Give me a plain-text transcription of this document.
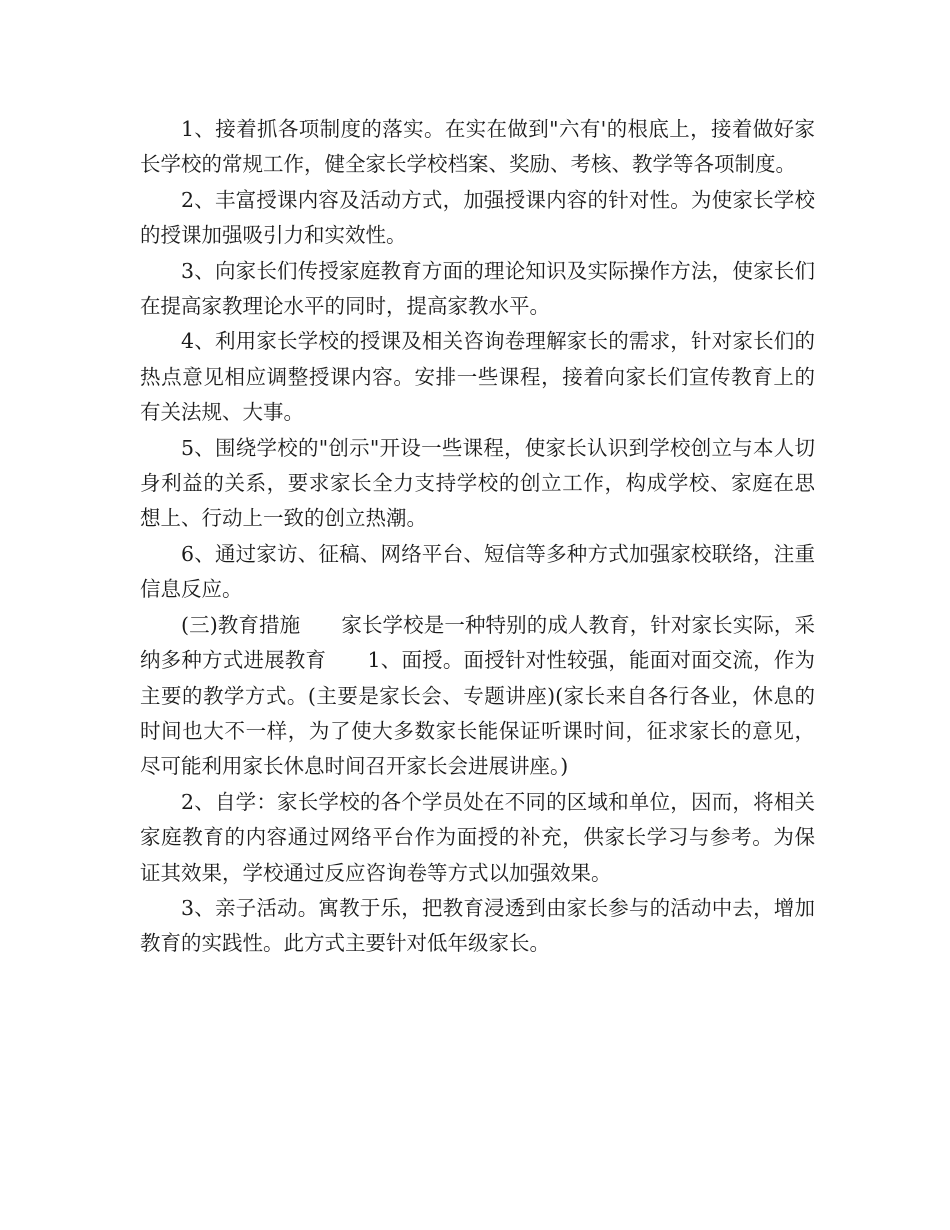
1、接着抓各项制度的落实。在实在做到"六有'的根底上，接着做好家长学校的常规工作，健全家长学校档案、奖励、考核、教学等各项制度。

2、丰富授课内容及活动方式，加强授课内容的针对性。为使家长学校的授课加强吸引力和实效性。

3、向家长们传授家庭教育方面的理论知识及实际操作方法，使家长们在提高家教理论水平的同时，提高家教水平。

4、利用家长学校的授课及相关咨询卷理解家长的需求，针对家长们的热点意见相应调整授课内容。安排一些课程，接着向家长们宣传教育上的有关法规、大事。

5、围绕学校的"创示"开设一些课程，使家长认识到学校创立与本人切身利益的关系，要求家长全力支持学校的创立工作，构成学校、家庭在思想上、行动上一致的创立热潮。

6、通过家访、征稿、网络平台、短信等多种方式加强家校联络，注重信息反应。

(三)教育措施　　家长学校是一种特别的成人教育，针对家长实际，采纳多种方式进展教育　　1、面授。面授针对性较强，能面对面交流，作为主要的教学方式。(主要是家长会、专题讲座)(家长来自各行各业，休息的时间也大不一样，为了使大多数家长能保证听课时间，征求家长的意见，尽可能利用家长休息时间召开家长会进展讲座。)

2、自学：家长学校的各个学员处在不同的区域和单位，因而，将相关家庭教育的内容通过网络平台作为面授的补充，供家长学习与参考。为保证其效果，学校通过反应咨询卷等方式以加强效果。

3、亲子活动。寓教于乐，把教育浸透到由家长参与的活动中去，增加教育的实践性。此方式主要针对低年级家长。
